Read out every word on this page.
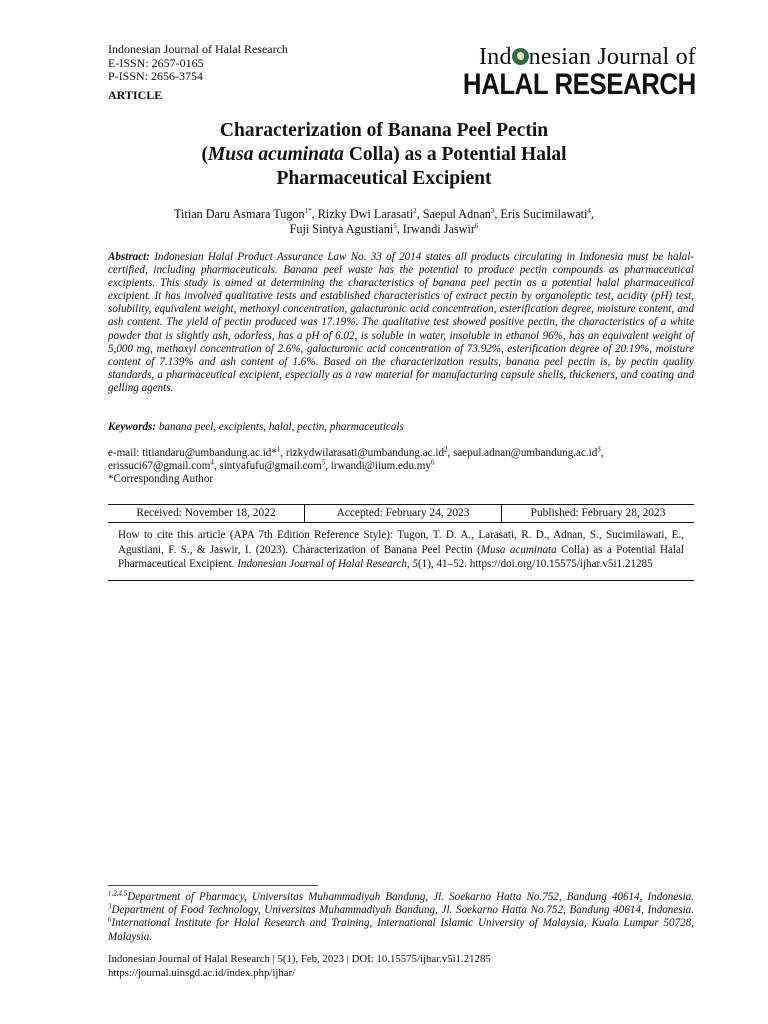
Indonesian Journal of Halal Research
E-ISSN: 2657-0165
P-ISSN: 2656-3754
ARTICLE
Ind nesian Journal of
HALAL RESEARCH
Characterization of Banana Peel Pectin
(Musa acuminata Colla) as a Potential Halal
Pharmaceutical Excipient
Titian Daru Asmara Tugon$^{1*}$, Rizky Dwi Larasati$^2$, Saepul Adnan$^3$, Eris Sucimilawati$^4$,
Fuji Sintya Agustiani$^5$, Irwandi Jaswir$^6$
Abstract: Indonesian Halal Product Assurance Law No. 33 of 2014 states all products circulating in Indonesia must be halal-certified, including pharmaceuticals. Banana peel waste has the potential to produce pectin compounds as pharmaceutical excipients. This study is aimed at determining the characteristics of banana peel pectin as a potential halal pharmaceutical excipient. It has involved qualitative tests and established characteristics of extract pectin by organoleptic test, acidity (pH) test, solubility, equivalent weight, methoxyl concentration, galacturonic acid concentration, esterification degree, moisture content, and ash content. The yield of pectin produced was 17.19%. The qualitative test showed positive pectin, the characteristics of a white powder that is slightly ash, odorless, has a pH of 6.02, is soluble in water, insoluble in ethanol 96%, has an equivalent weight of 5,000 mg, methoxyl concentration of 2.6%, galacturonic acid concentration of 73.92%, esterification degree of 20.19%, moisture content of 7.139% and ash content of 1.6%. Based on the characterization results, banana peel pectin is, by pectin quality standards, a pharmaceutical excipient, especially as a raw material for manufacturing capsule shells, thickeners, and coating and gelling agents.
Keywords: banana peel, excipients, halal, pectin, pharmaceuticals
e-mail: titiandaru@umbandung.ac.id*$^1$, $rizkydwilarasati@umbandung.ac.id^2$, $saepul.adnan@umbandung.ac.id^3$,
erissuci67@gmail.com$^4$, sintyafufu@gmail.com$^5$, $irwandi@iium.edu.my^6$
*Corresponding Author
Received: November 18, 2022	Accepted: February 24, 2023	Published: February 28, 2023
How to cite this article (APA 7th Edition Reference Style): Tugon, T. D. A., Larasati, R. D., Adnan, S., Sucimilawati, E., Agustiani, F. S., & Jaswir, I. (2023). Characterization of Banana Peel Pectin (Musa acuminata Colla) as a Potential Halal Pharmaceutical Excipient. Indonesian Journal of Halal Research, 5(1), 41–52. https://doi.org/10.15575/ijhar.v5i1.21285
$^{1,2,4,5}$Department of Pharmacy, Universitas Muhammadiyah Bandung, Jl. Soekarno Hatta No.752, Bandung 40614, Indonesia. $^3$Department of Food Technology, Universitas Muhammadiyah Bandung, Jl. Soekarno Hatta No.752, Bandung 40614, Indonesia. $^6$International Institute for Halal Research and Training, International Islamic University of Malaysia, Kuala Lumpur 50728, Malaysia.
Indonesian Journal of Halal Research | 5(1), Feb, 2023 | DOI: 10.15575/ijhar.v5i1.21285
https://journal.uinsgd.ac.id/index.php/ijhar/
